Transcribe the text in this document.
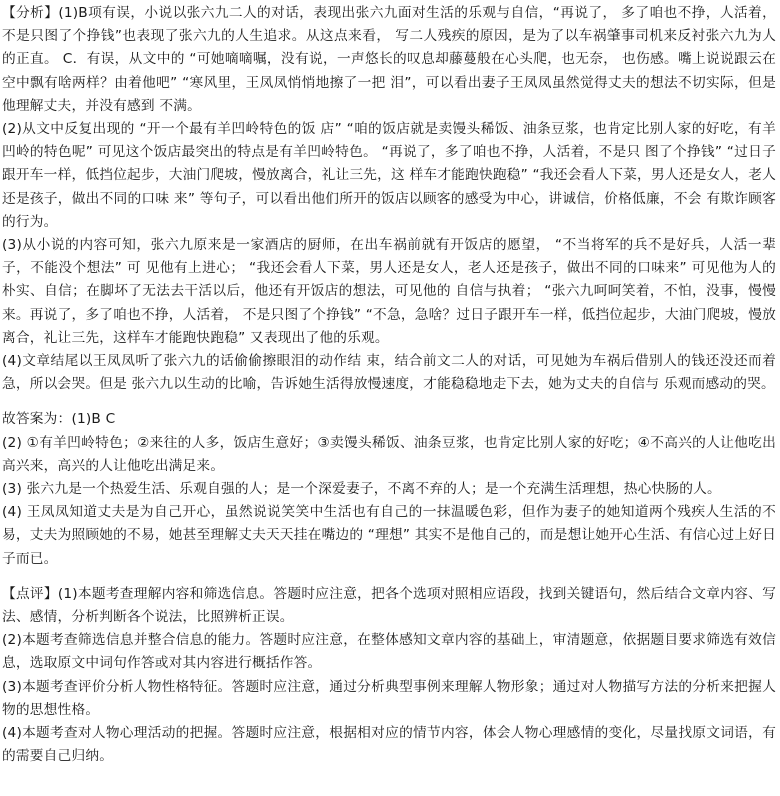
【分析】(1)B项有误，小说以张六九二人的对话，表现出张六九面对生活的乐观与自信，“再说了， 多了咱也不挣，人活着，不是只图了个挣钱”也表现了张六九的人生追求。从这点来看， 写二人残疾的原因，是为了以车祸肇事司机来反衬张六九为人的正直。 C．有误，从文中的 “可她嘀嘀嘱，没有说，一声悠长的叹息却藤蔓般在心头爬，也无奈， 也伤感。嘴上说说跟云在空中飘有啥两样？由着他吧” “寒风里，王凤凤悄悄地擦了一把 泪”，可以看出妻子王凤凤虽然觉得丈夫的想法不切实际，但是他理解丈夫，并没有感到 不满。

(2)从文中反复出现的 “开一个最有羊凹岭特色的饭 店” “咱的饭店就是卖馒头稀饭、油条豆浆，也肯定比别人家的好吃，有羊凹岭的特色呢” 可见这个饭店最突出的特点是有羊凹岭特色。 “再说了，多了咱也不挣，人活着，不是只 图了个挣钱” “过日子跟开车一样，低挡位起步，大油门爬坡，慢放离合，礼让三先，这 样车才能跑快跑稳” “我还会看人下菜，男人还是女人，老人还是孩子，做出不同的口味 来” 等句子，可以看出他们所开的饭店以顾客的感受为中心，讲诚信，价格低廉，不会 有欺诈顾客的行为。

(3)从小说的内容可知，张六九原来是一家酒店的厨师，在出车祸前就有开饭店的愿望， “不当将军的兵不是好兵，人活一辈子，不能没个想法” 可 见他有上进心； “我还会看人下菜，男人还是女人，老人还是孩子，做出不同的口味来” 可见他为人的朴实、自信；在脚坏了无法去干活以后，他还有开饭店的想法，可见他的 自信与执着； “张六九呵呵笑着，不怕，没事，慢慢来。再说了，多了咱也不挣，人活着， 不是只图了个挣钱” “不急，急啥？过日子跟开车一样，低挡位起步，大油门爬坡，慢放 离合，礼让三先，这样车才能跑快跑稳” 又表现出了他的乐观。

(4)文章结尾以王凤凤听了张六九的话偷偷擦眼泪的动作结 束，结合前文二人的对话，可见她为车祸后借别人的钱还没还而着急，所以会哭。但是 张六九以生动的比喻，告诉她生活得放慢速度，才能稳稳地走下去，她为丈夫的自信与 乐观而感动的哭。

故答案为：(1)B C

(2) ①有羊凹岭特色；②来往的人多，饭店生意好；③卖馒头稀饭、油条豆浆，也肯定比别人家的好吃；④不高兴的人让他吃出高兴来，高兴的人让他吃出满足来。

(3) 张六九是一个热爱生活、乐观自强的人；是一个深爱妻子，不离不弃的人；是一个充满生活理想，热心快肠的人。

(4) 王凤凤知道丈夫是为自己开心，虽然说说笑笑中生活也有自己的一抹温暖色彩，但作为妻子的她知道两个残疾人生活的不易，丈夫为照顾她的不易，她甚至理解丈夫天天挂在嘴边的 “理想” 其实不是他自己的，而是想让她开心生活、有信心过上好日子而已。

【点评】(1)本题考查理解内容和筛选信息。答题时应注意，把各个选项对照相应语段，找到关键语句，然后结合文章内容、写法、感情，分析判断各个说法，比照辨析正误。

(2)本题考查筛选信息并整合信息的能力。答题时应注意，在整体感知文章内容的基础上，审清题意，依据题目要求筛选有效信息，选取原文中词句作答或对其内容进行概括作答。

(3)本题考查评价分析人物性格特征。答题时应注意，通过分析典型事例来理解人物形象；通过对人物描写方法的分析来把握人物的思想性格。

(4)本题考查对人物心理活动的把握。答题时应注意，根据相对应的情节内容，体会人物心理感情的变化，尽量找原文词语，有的需要自己归纳。
